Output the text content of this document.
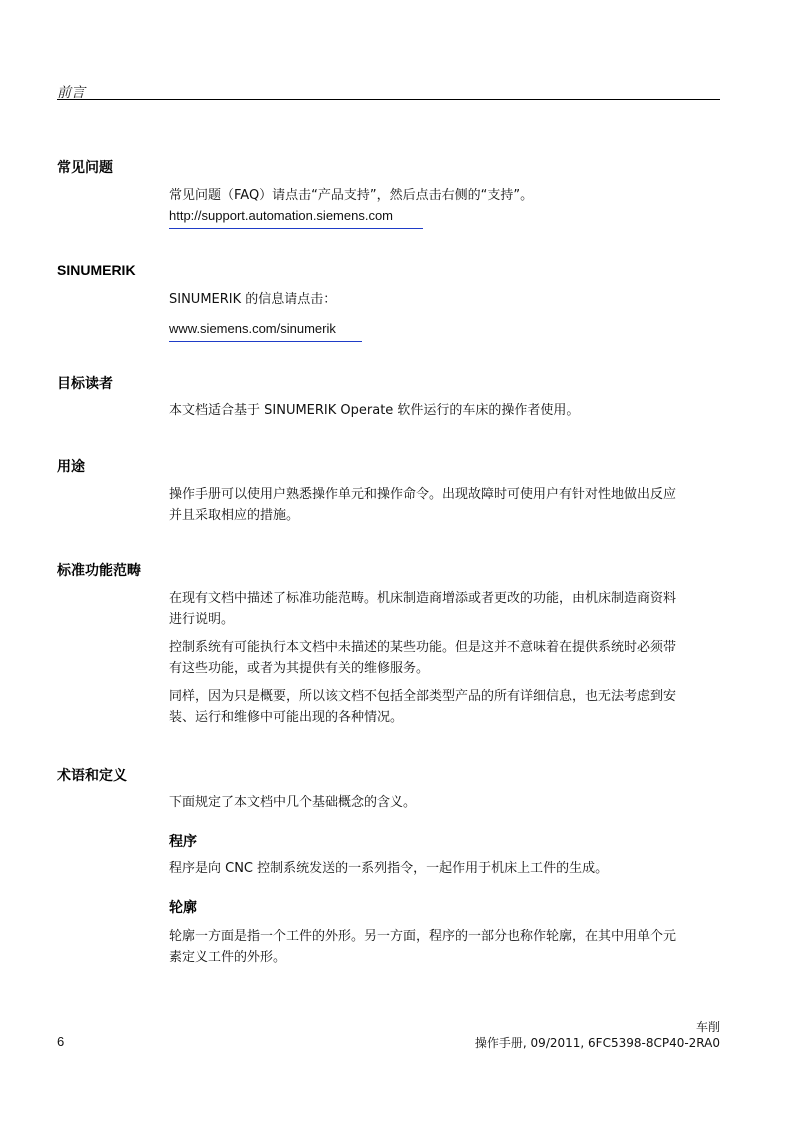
前言
常见问题

常见问题（FAQ）请点击“产品支持”，然后点击右侧的“支持”。

http://support.automation.siemens.com
SINUMERIK

SINUMERIK 的信息请点击：

www.siemens.com/sinumerik
目标读者

本文档适合基于 SINUMERIK Operate 软件运行的车床的操作者使用。

用途

操作手册可以使用户熟悉操作单元和操作命令。出现故障时可使用户有针对性地做出反应

并且采取相应的措施。

标准功能范畴

在现有文档中描述了标准功能范畴。机床制造商增添或者更改的功能，由机床制造商资料

进行说明。

控制系统有可能执行本文档中未描述的某些功能。但是这并不意味着在提供系统时必须带

有这些功能，或者为其提供有关的维修服务。

同样，因为只是概要，所以该文档不包括全部类型产品的所有详细信息，也无法考虑到安

装、运行和维修中可能出现的各种情况。

术语和定义

下面规定了本文档中几个基础概念的含义。

程序

程序是向 CNC 控制系统发送的一系列指令，一起作用于机床上工件的生成。

轮廓

轮廓一方面是指一个工件的外形。另一方面，程序的一部分也称作轮廓，在其中用单个元

素定义工件的外形。

车削
6	操作手册, 09/2011, 6FC5398-8CP40-2RA0
